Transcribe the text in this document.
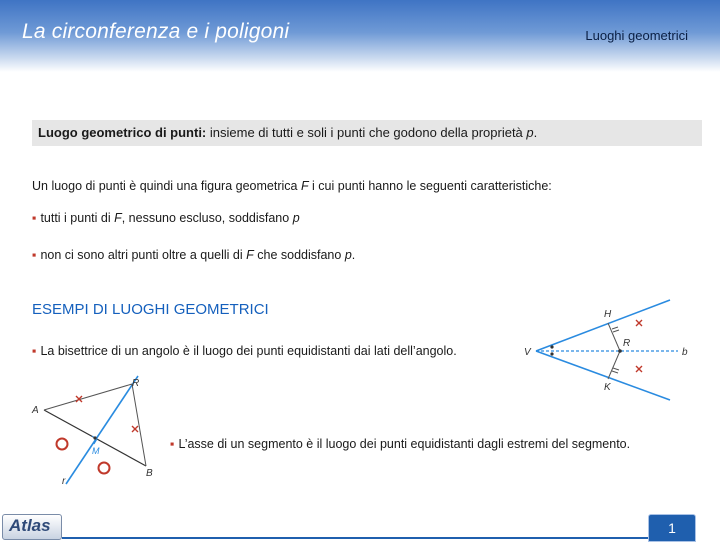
La circonferenza e i poligoni	Luoghi geometrici
Luogo geometrico di punti: insieme di tutti e soli i punti che godono della proprietà p.
Un luogo di punti è quindi una figura geometrica F i cui punti hanno le seguenti caratteristiche:
▪ tutti i punti di F, nessuno escluso, soddisfano p
▪ non ci sono altri punti oltre a quelli di F che soddisfano p.
ESEMPI DI LUOGHI GEOMETRICI
▪ La bisettrice di un angolo è il luogo dei punti equidistanti dai lati dell’angolo.
▪ L’asse di un segmento è il luogo dei punti equidistanti dagli estremi del segmento.
H
K
V
R
b
A
B
R
M
r
Atlas	1
